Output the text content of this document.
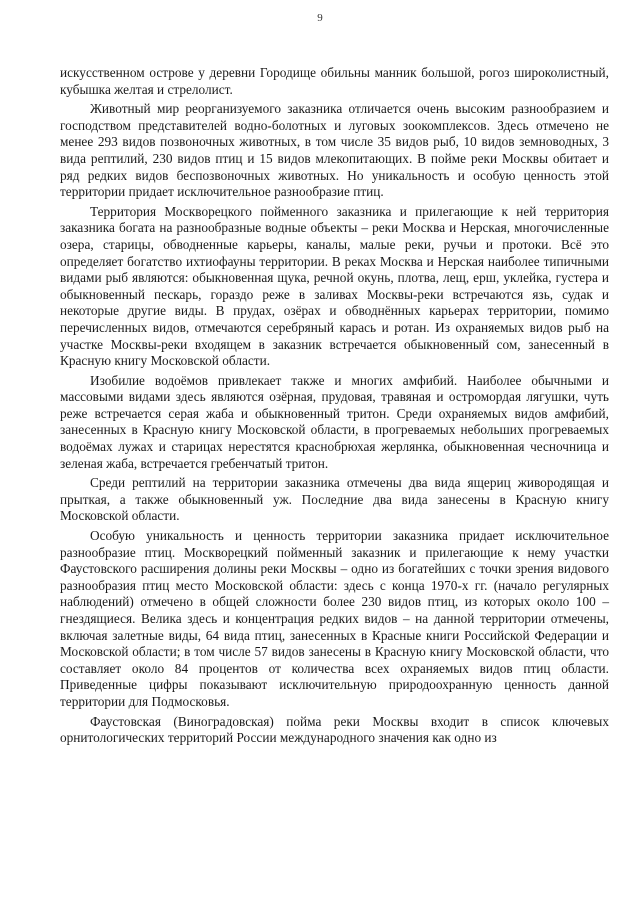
9

искусственном острове у деревни Городище обильны манник большой, рогоз широколистный, кубышка желтая и стрелолист.

Животный мир реорганизуемого заказника отличается очень высоким разнообразием и господством представителей водно-болотных и луговых зоокомплексов. Здесь отмечено не менее 293 видов позвоночных животных, в том числе 35 видов рыб, 10 видов земноводных, 3 вида рептилий, 230 видов птиц и 15 видов млекопитающих. В пойме реки Москвы обитает и ряд редких видов беспозвоночных животных. Но уникальность и особую ценность этой территории придает исключительное разнообразие птиц.

Территория Москворецкого пойменного заказника и прилегающие к ней территория заказника богата на разнообразные водные объекты – реки Москва и Нерская, многочисленные озера, старицы, обводненные карьеры, каналы, малые реки, ручьи и протоки. Всё это определяет богатство ихтиофауны территории. В реках Москва и Нерская наиболее типичными видами рыб являются: обыкновенная щука, речной окунь, плотва, лещ, ерш, уклейка, густера и обыкновенный пескарь, гораздо реже в заливах Москвы-реки встречаются язь, судак и некоторые другие виды. В прудах, озёрах и обводнённых карьерах территории, помимо перечисленных видов, отмечаются серебряный карась и ротан. Из охраняемых видов рыб на участке Москвы-реки входящем в заказник встречается обыкновенный сом, занесенный в Красную книгу Московской области.

Изобилие водоёмов привлекает также и многих амфибий. Наиболее обычными и массовыми видами здесь являются озёрная, прудовая, травяная и остромордая лягушки, чуть реже встречается серая жаба и обыкновенный тритон. Среди охраняемых видов амфибий, занесенных в Красную книгу Московской области, в прогреваемых небольших прогреваемых водоёмах лужах и старицах нерестятся краснобрюхая жерлянка, обыкновенная чесночница и зеленая жаба, встречается гребенчатый тритон.

Среди рептилий на территории заказника отмечены два вида ящериц живородящая и прыткая, а также обыкновенный уж. Последние два вида занесены в Красную книгу Московской области.

Особую уникальность и ценность территории заказника придает исключительное разнообразие птиц. Москворецкий пойменный заказник и прилегающие к нему участки Фаустовского расширения долины реки Москвы – одно из богатейших с точки зрения видового разнообразия птиц место Московской области: здесь с конца 1970-х гг. (начало регулярных наблюдений) отмечено в общей сложности более 230 видов птиц, из которых около 100 – гнездящиеся. Велика здесь и концентрация редких видов – на данной территории отмечены, включая залетные виды, 64 вида птиц, занесенных в Красные книги Российской Федерации и Московской области; в том числе 57 видов занесены в Красную книгу Московской области, что составляет около 84 процентов от количества всех охраняемых видов птиц области. Приведенные цифры показывают исключительную природоохранную ценность данной территории для Подмосковья.

Фаустовская (Виноградовская) пойма реки Москвы входит в список ключевых орнитологических территорий России международного значения как одно из
